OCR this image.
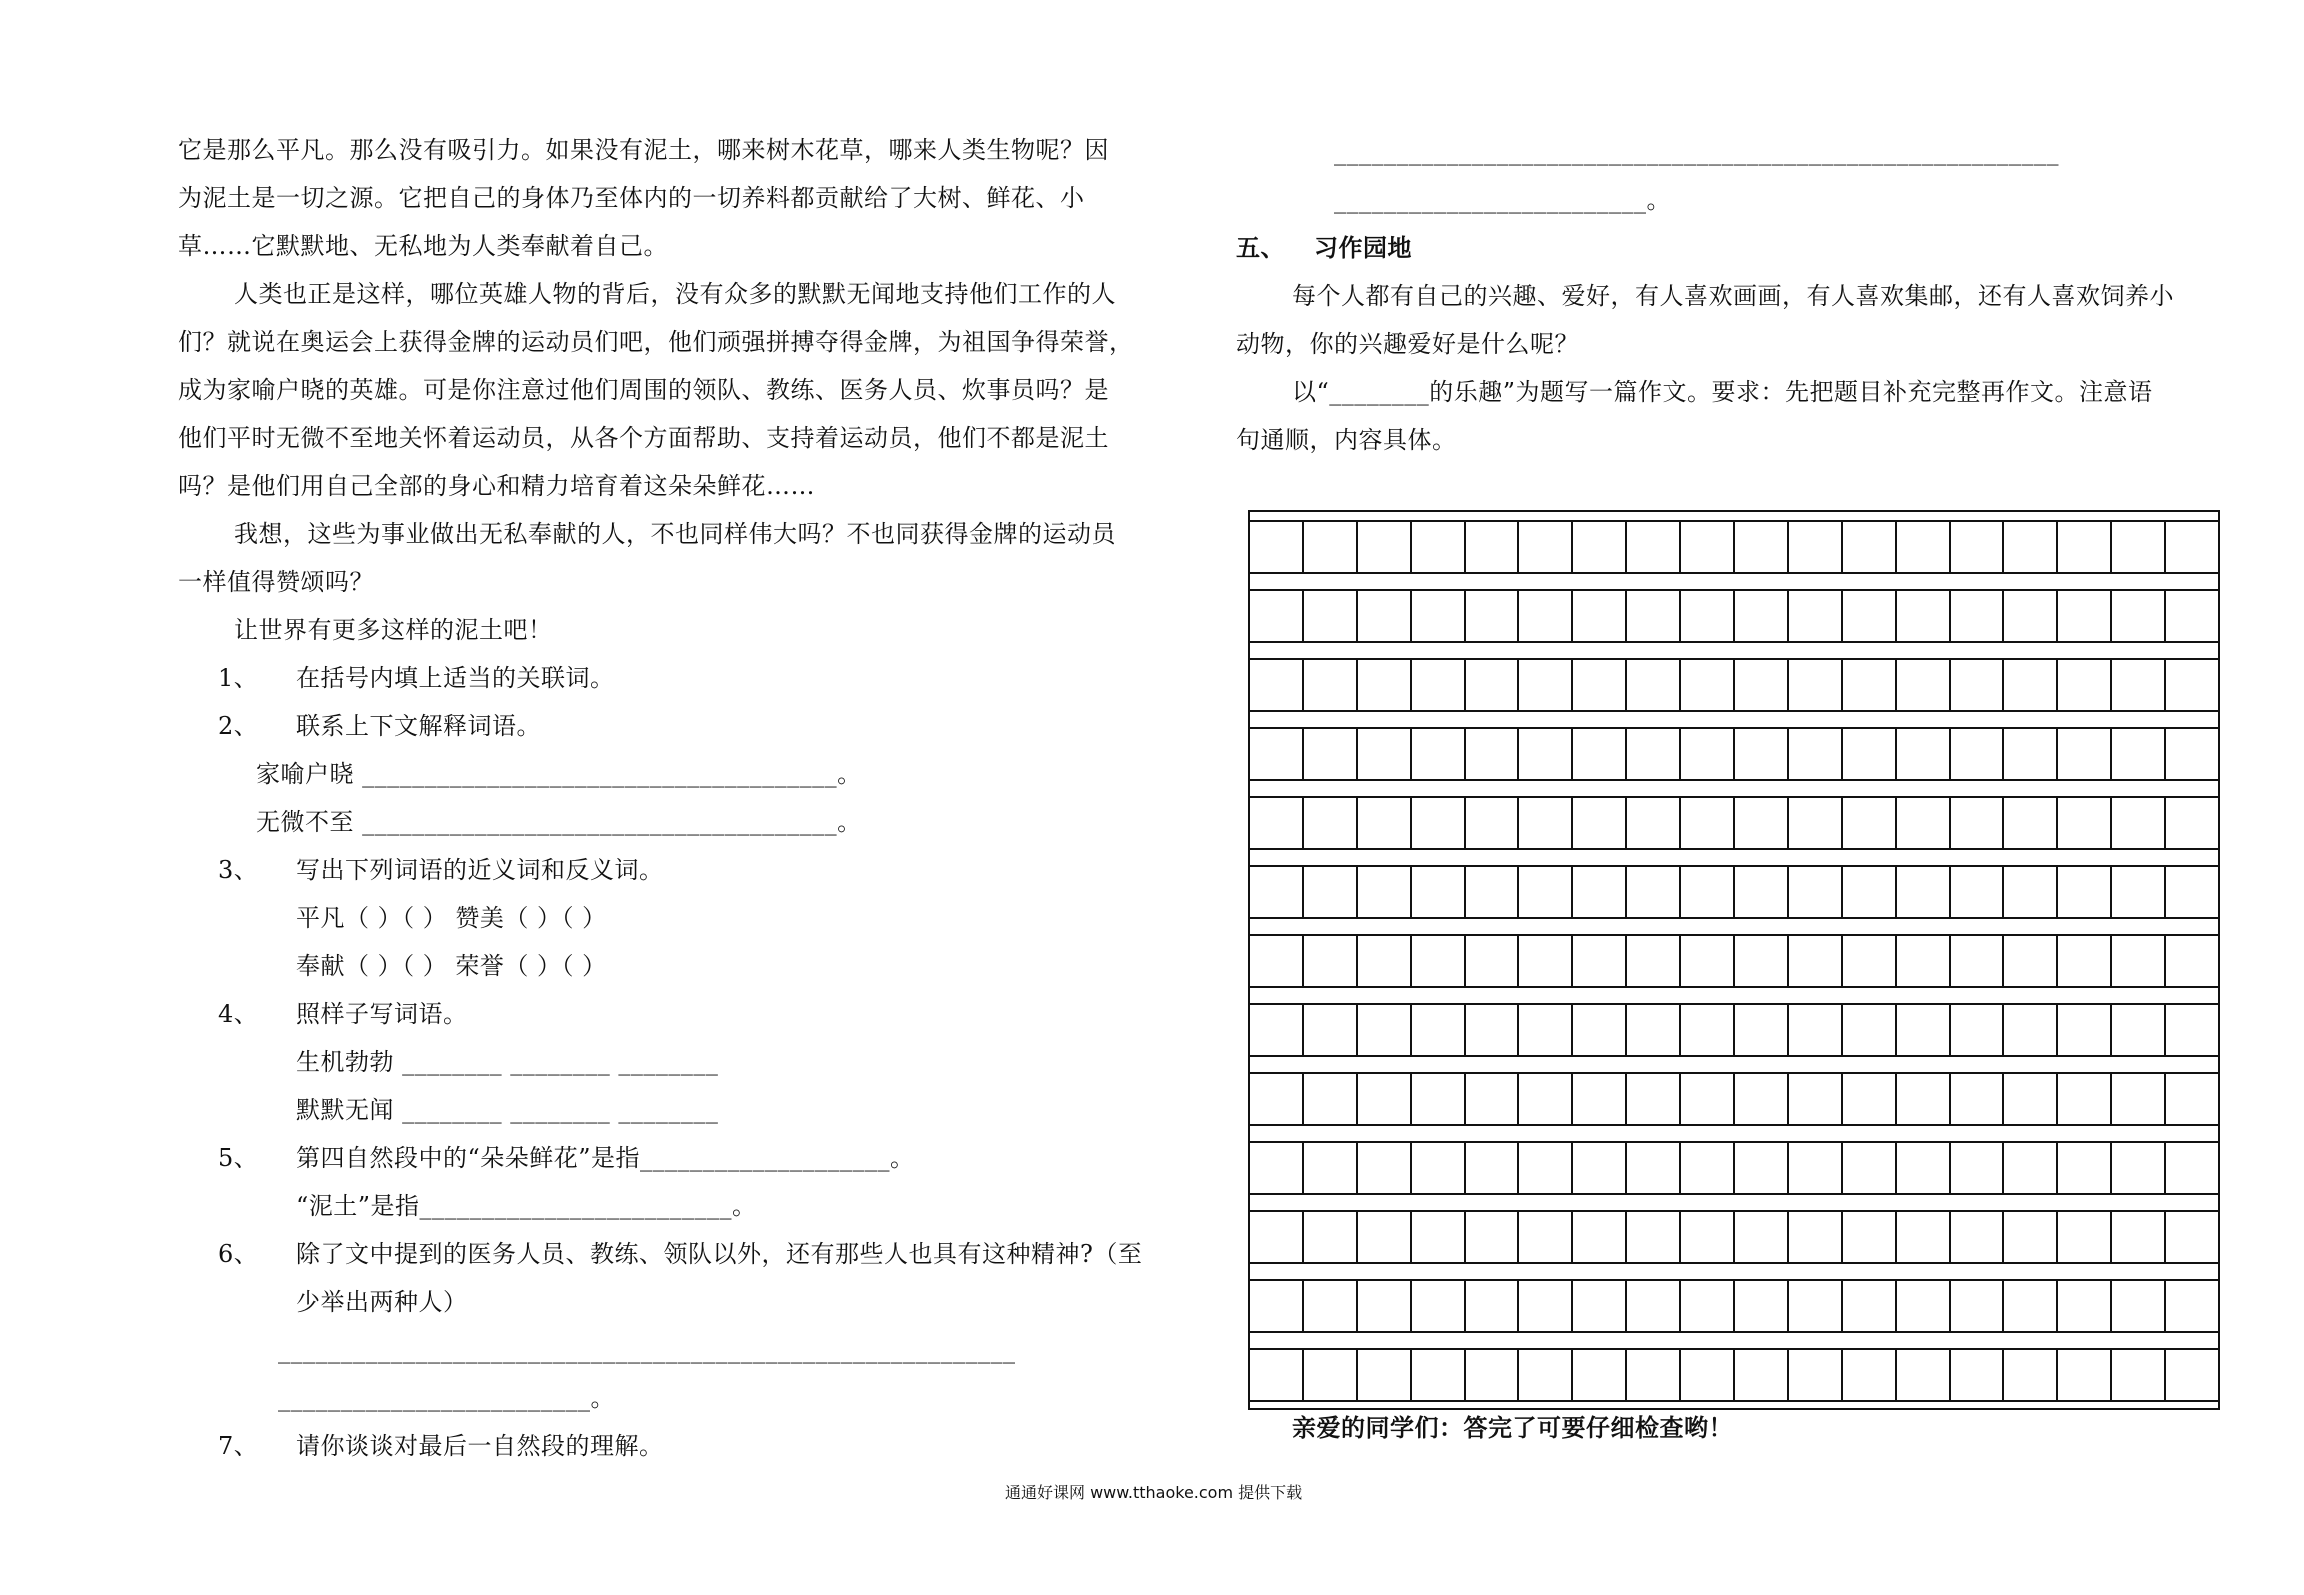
它是那么平凡。那么没有吸引力。如果没有泥土，哪来树木花草，哪来人类生物呢？因
为泥土是一切之源。它把自己的身体乃至体内的一切养料都贡献给了大树、鲜花、小
草……它默默地、无私地为人类奉献着自己。
人类也正是这样，哪位英雄人物的背后，没有众多的默默无闻地支持他们工作的人
们？就说在奥运会上获得金牌的运动员们吧，他们顽强拼搏夺得金牌，为祖国争得荣誉，
成为家喻户晓的英雄。可是你注意过他们周围的领队、教练、医务人员、炊事员吗？是
他们平时无微不至地关怀着运动员，从各个方面帮助、支持着运动员，他们不都是泥土
吗？是他们用自己全部的身心和精力培育着这朵朵鲜花……
我想，这些为事业做出无私奉献的人，不也同样伟大吗？不也同获得金牌的运动员
一样值得赞颂吗？
让世界有更多这样的泥土吧！
1、 在括号内填上适当的关联词。
2、 联系上下文解释词语。
家喻户晓 ______________________________________。
无微不至 ______________________________________。
3、 写出下列词语的近义词和反义词。
平凡（ ）（ ） 赞美（ ）（ ）
奉献（ ）（ ） 荣誉（ ）（ ）
4、 照样子写词语。
生机勃勃 ________ ________ ________
默默无闻 ________ ________ ________
5、 第四自然段中的“朵朵鲜花”是指____________________。
“泥土”是指_________________________。
6、 除了文中提到的医务人员、教练、领队以外，还有那些人也具有这种精神?（至
少举出两种人）
___________________________________________________________
_________________________。
7、 请你谈谈对最后一自然段的理解。
__________________________________________________________
_________________________。
五、 习作园地
每个人都有自己的兴趣、爱好，有人喜欢画画，有人喜欢集邮，还有人喜欢饲养小
动物，你的兴趣爱好是什么呢？
以“________的乐趣”为题写一篇作文。要求：先把题目补充完整再作文。注意语
句通顺，内容具体。
亲爱的同学们：答完了可要仔细检查哟！
通通好课网 www.tthaoke.com 提供下载
